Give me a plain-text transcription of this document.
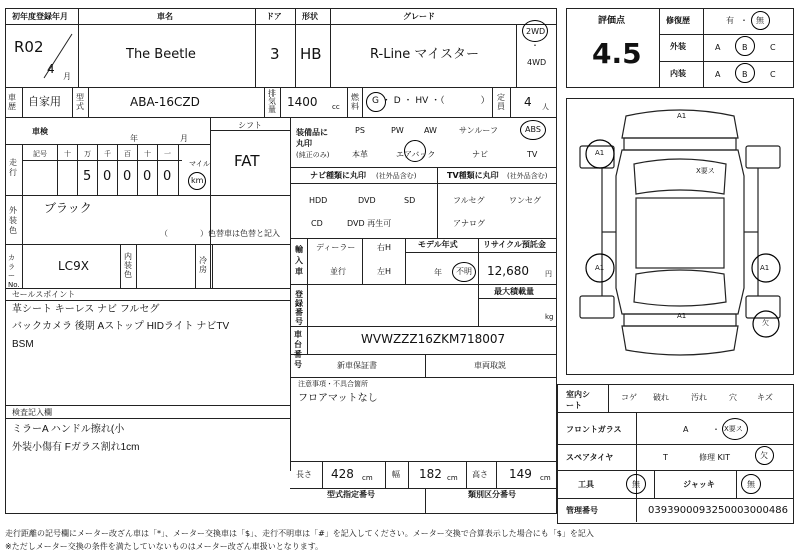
初年度登録年月	車名	ドア	形状	グレード
R02
4
月
The Beetle	3 HB	R-Line マイスター
2WD
・
4WD
車歴 自家用 型式	ABA-16CZD
排気量
1400 cc
燃料
G ・ D ・ HV ・（　　　　） 定員 4 人
車検
年	月
走行
記号 十 万 千 百 十 一
5 0 0 0 0
マイル
km
シフト
FAT
外装色
ブラック
（　　　　）色替車は色替と記入
カラーNo.
LC9X
内装色
冷房
セールスポイント
革シート キーレス ナビ フルセグ
バックカメラ 後期 Aストップ HIDライト ナビTV
BSM
検査記入欄
ミラーA ハンドル擦れ(小
外装小傷有 Fガラス割れ1cm
装備品に丸印
(純正のみ)
PS	PW	AW	サンルーフ	ABS
本革	エアバック	ナビ	TV
ナビ種類に丸印 (社外品含む)	TV種類に丸印 (社外品含む)
HDD	DVD	SD
CD	DVD 再生可
フルセグ	ワンセグ
アナログ
輸入車
ディーラー
並行
右H
左H
モデル年式
年 不明
リサイクル預託金
12,680 円
登録番号
最大積載量
kg
車台番号
WVWZZZ16ZKM718007
新車保証書	車両取説
注意事項・不具合箇所
フロアマットなし
長さ 428 cm 幅 182 cm 高さ 149 cm
型式指定番号	類別区分番号
評価点
4.5
修復歴	有 ・ 無
外装	A	B	C
内装	A	B	C
A1
A1
A1	A1
A1
X要ス
欠
室内シート
コゲ 破れ	汚れ	穴	キズ
フロントガラス	A	・ X要ス
スペアタイヤ	T	修理 KIT	欠
工具	無	ジャッキ	無
管理番号	0393900093250003000486
走行距離の記号欄にメーター改ざん車は「*」、メーター交換車は「$」、走行不明車は「#」を記入してください。メーター交換で合算表示した場合にも「$」を記入
※ただしメーター交換の条件を満たしていないものはメーター改ざん車扱いとなります。
